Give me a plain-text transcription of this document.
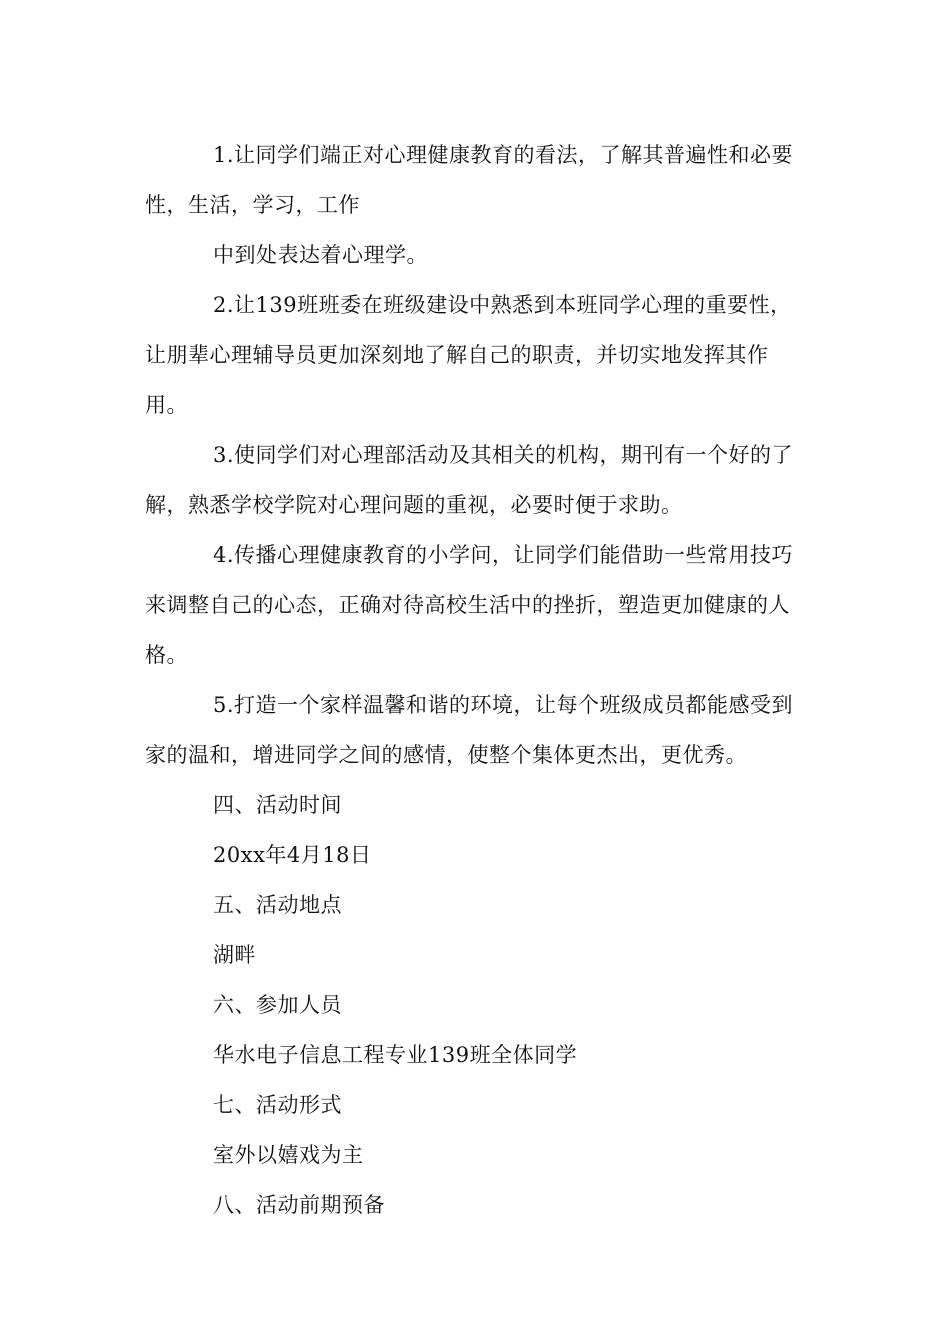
1.让同学们端正对心理健康教育的看法，了解其普遍性和必要性，生活，学习，工作

中到处表达着心理学。

2.让139班班委在班级建设中熟悉到本班同学心理的重要性，让朋辈心理辅导员更加深刻地了解自己的职责，并切实地发挥其作用。

3.使同学们对心理部活动及其相关的机构，期刊有一个好的了解，熟悉学校学院对心理问题的重视，必要时便于求助。

4.传播心理健康教育的小学问，让同学们能借助一些常用技巧来调整自己的心态，正确对待高校生活中的挫折，塑造更加健康的人格。

5.打造一个家样温馨和谐的环境，让每个班级成员都能感受到家的温和，增进同学之间的感情，使整个集体更杰出，更优秀。

四、活动时间

20xx年4月18日

五、活动地点

湖畔

六、参加人员

华水电子信息工程专业139班全体同学

七、活动形式

室外以嬉戏为主

八、活动前期预备
